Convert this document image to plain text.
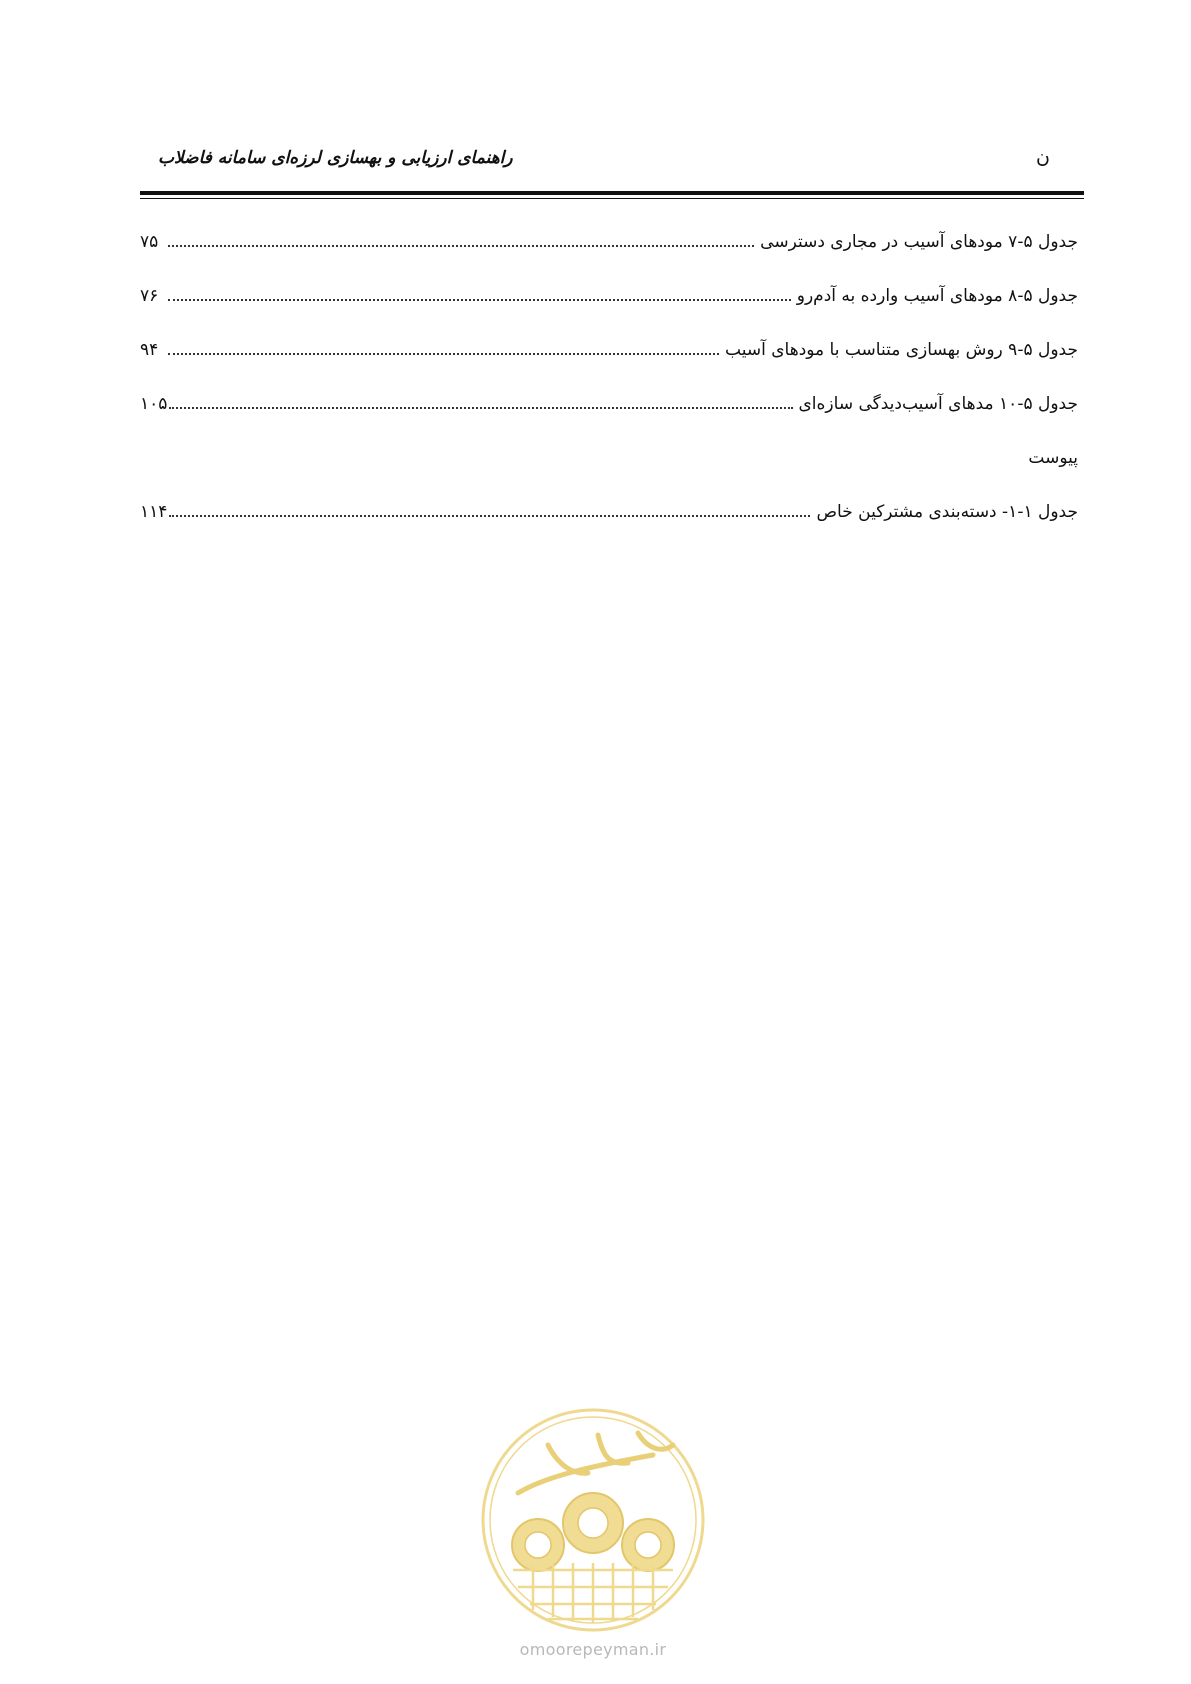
راهنمای ارزیابی و بهسازی لرزه‌ای سامانه فاضلاب	ن
جدول ۵-۷ مودهای آسیب در مجاری دسترسی
۷۵
جدول ۵-۸ مودهای آسیب وارده به آدم‌رو
۷۶
جدول ۵-۹ روش بهسازی متناسب با مودهای آسیب
۹۴
جدول ۵-۱۰ مدهای آسیب‌دیدگی سازه‌ای
۱۰۵
پیوست
جدول ۱-۱- دسته‌بندی مشترکین خاص
۱۱۴
omoorepeyman.ir
